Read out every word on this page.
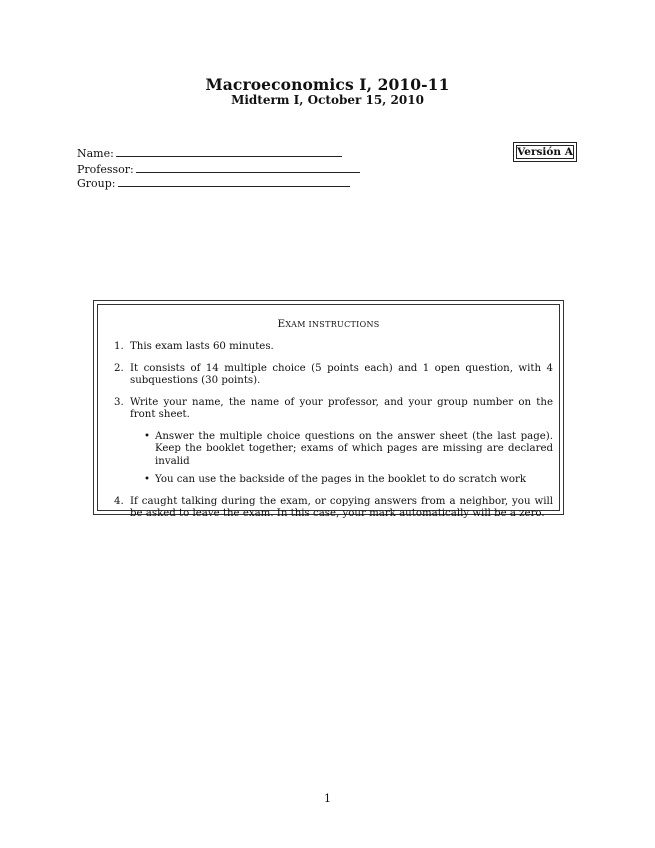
Macroeconomics I, 2010-11
Midterm I, October 15, 2010
Name:
Professor:
Group:
Versión A
EXAM INSTRUCTIONS
1. This exam lasts 60 minutes.
2. It consists of 14 multiple choice (5 points each) and 1 open question, with 4 subquestions (30 points).
3. Write your name, the name of your professor, and your group number on the front sheet.
• Answer the multiple choice questions on the answer sheet (the last page). Keep the booklet together; exams of which pages are missing are declared invalid
• You can use the backside of the pages in the booklet to do scratch work
4. If caught talking during the exam, or copying answers from a neighbor, you will be asked to leave the exam. In this case, your mark automatically will be a zero.
1
